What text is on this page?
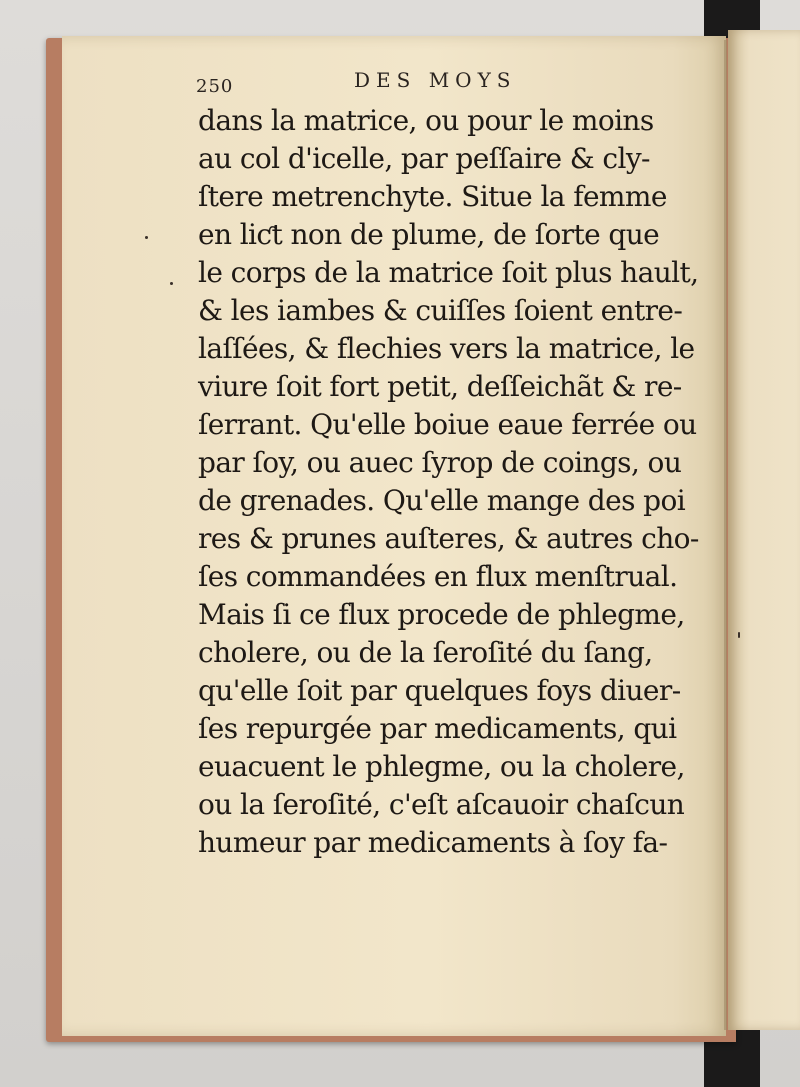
250	DES MOYS
dans la matrice, ou pour le moins
au col d'icelle, par peſſaire & cly-
ſtere metrenchyte. Situe la femme
en liƈt non de plume, de ſorte que
le corps de la matrice ſoit plus hault,
& les iambes & cuiſſes ſoient entre-
laſſées, & flechies vers la matrice, le
viure ſoit fort petit, deſſeichãt & re-
ſerrant. Qu'elle boiue eaue ferrée ou
par ſoy, ou auec ſyrop de coings, ou
de grenades. Qu'elle mange des poi
res & prunes auſteres, & autres cho-
ſes commandées en flux menſtrual.
Mais ſi ce flux procede de phlegme,
cholere, ou de la ſeroſité du ſang,
qu'elle ſoit par quelques foys diuer-
ſes repurgée par medicaments, qui
euacuent le phlegme, ou la cholere,
ou la ſeroſité, c'eſt aſcauoir chaſcun
humeur par medicaments à ſoy fa-
